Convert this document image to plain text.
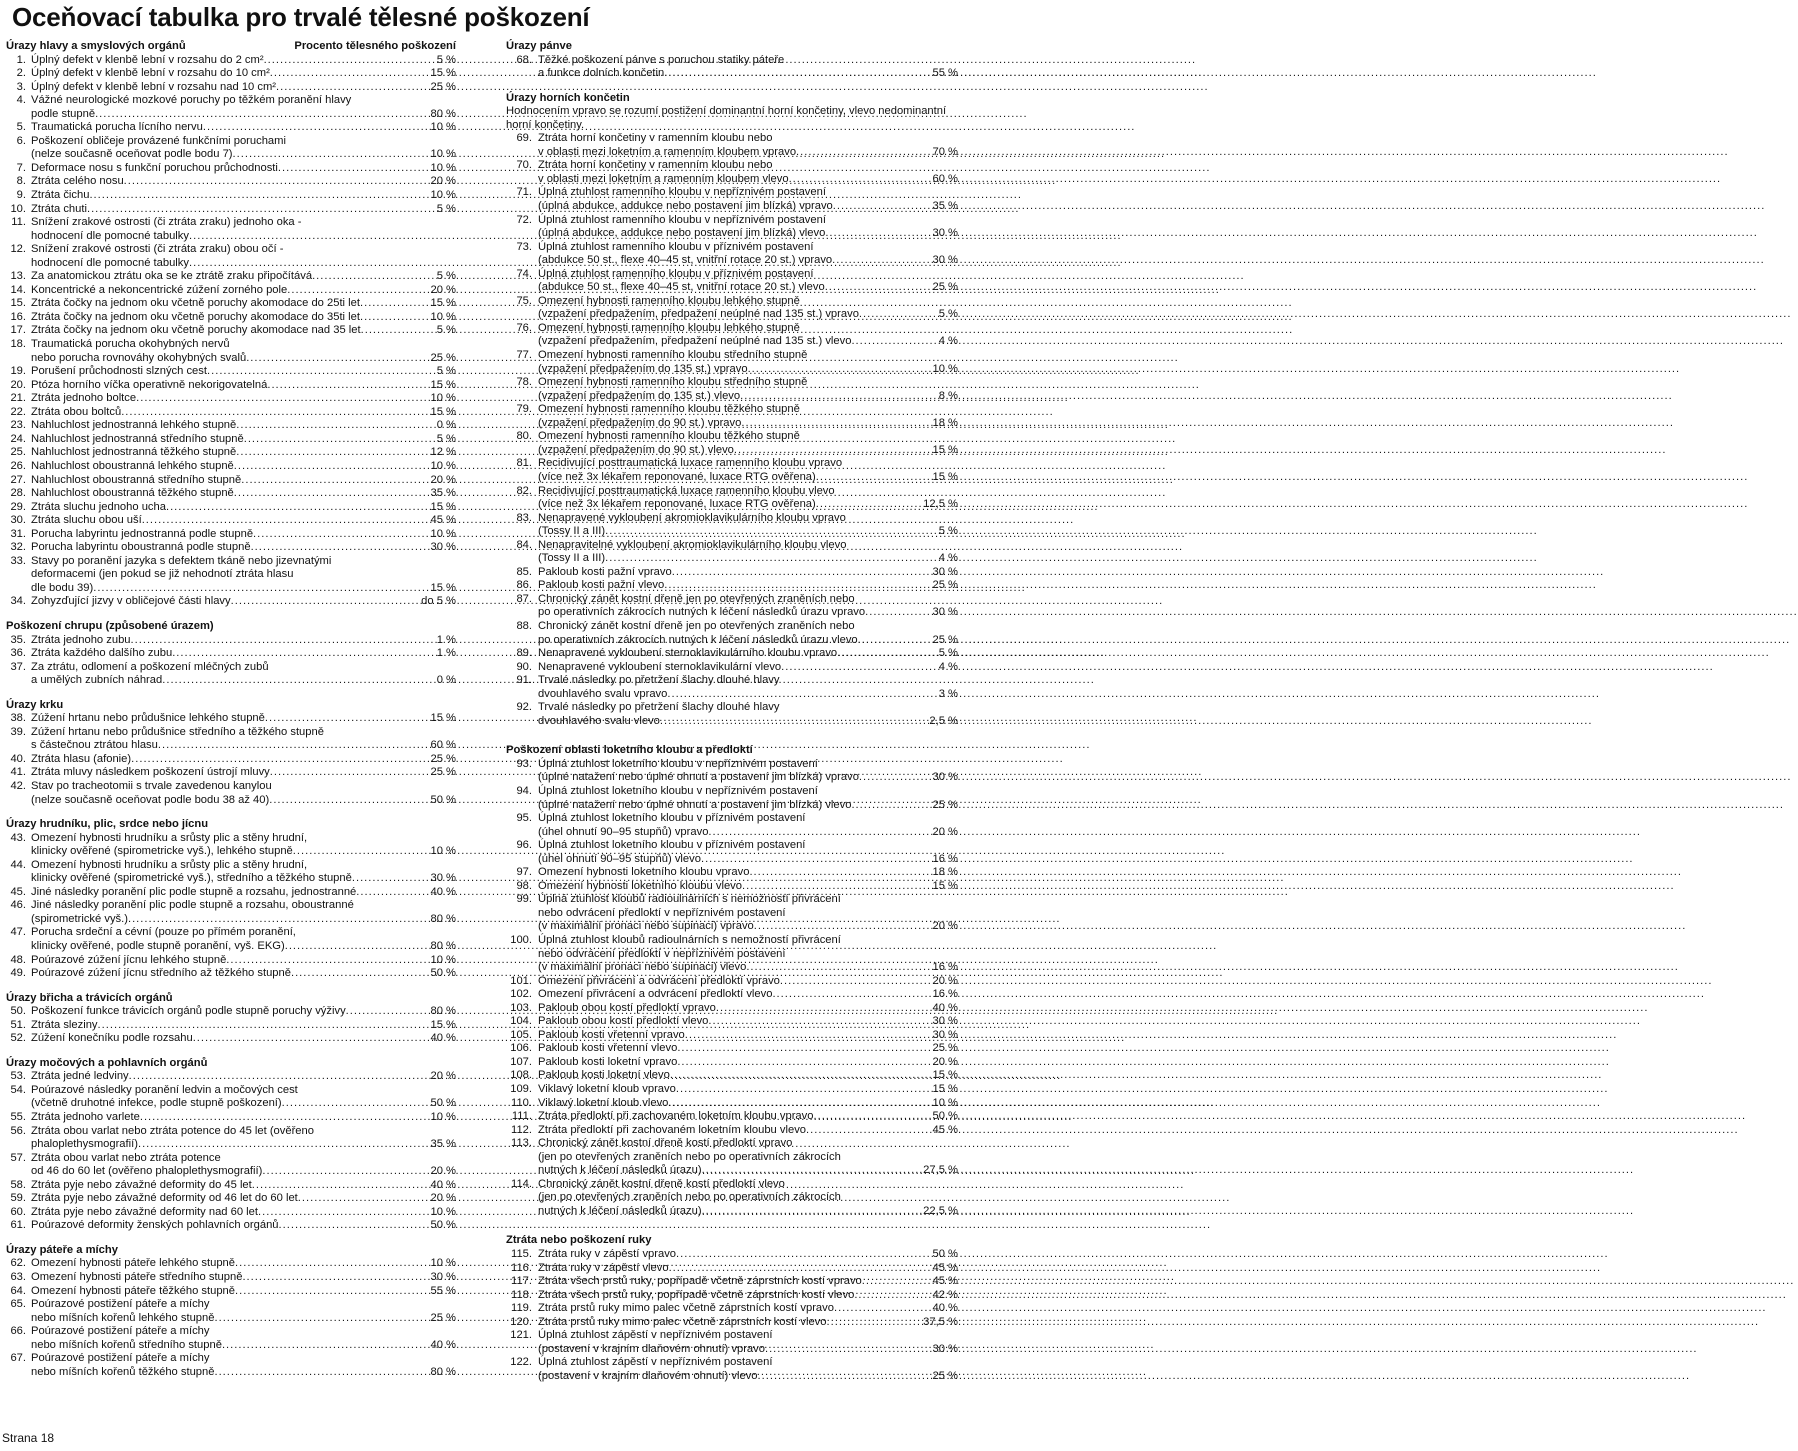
Oceňovací tabulka pro trvalé tělesné poškození
Úrazy hlavy a smyslových orgánů	Procento tělesného poškození
1. Úplný defekt v klenbě lební v rozsahu do 2 cm² .....	5 %
2. Úplný defekt v klenbě lební v rozsahu do 10 cm² .....	15 %
3. Úplný defekt v klenbě lební v rozsahu nad 10 cm² .....	25 %
4. Vážné neurologické mozkové poruchy po těžkém poranění hlavy
podle stupně .....	80 %
5. Traumatická porucha lícního nervu .....	10 %
6. Poškození obličeje provázené funkčními poruchami
(nelze současně oceňovat podle bodu 7) .....	10 %
7. Deformace nosu s funkční poruchou průchodnosti .....	10 %
8. Ztráta celého nosu .....	20 %
9. Ztráta čichu .....	10 %
10. Ztráta chuti .....	5 %
11. Snížení zrakové ostrosti (či ztráta zraku) jednoho oka -
hodnocení dle pomocné tabulky
.....
12. Snížení zrakové ostrosti (či ztráta zraku) obou očí -
hodnocení dle pomocné tabulky
.....
13. Za anatomickou ztrátu oka se ke ztrátě zraku připočítává .....	5 %
14. Koncentrické a nekoncentrické zúžení zorného pole .....	20 %
15. Ztráta čočky na jednom oku včetně poruchy akomodace do 25ti let .....	15 %
16. Ztráta čočky na jednom oku včetně poruchy akomodace do 35ti let .....	10 %
17. Ztráta čočky na jednom oku včetně poruchy akomodace nad 35 let .....	5 %
18. Traumatická porucha okohybných nervů
nebo porucha rovnováhy okohybných svalů .....	25 %
19. Porušení průchodnosti slzných cest .....	5 %
20. Ptóza horního víčka operativně nekorigovatelná .....	15 %
21. Ztráta jednoho boltce .....	10 %
22. Ztráta obou boltců .....	15 %
23. Nahluchlost jednostranná lehkého stupně .....	0 %
24. Nahluchlost jednostranná středního stupně .....	5 %
25. Nahluchlost jednostranná těžkého stupně .....	12 %
26. Nahluchlost oboustranná lehkého stupně .....	10 %
27. Nahluchlost oboustranná středního stupně .....	20 %
28. Nahluchlost oboustranná těžkého stupně .....	35 %
29. Ztráta sluchu jednoho ucha .....	15 %
30. Ztráta sluchu obou uší .....	45 %
31. Porucha labyrintu jednostranná podle stupně .....	10 %
32. Porucha labyrintu oboustranná podle stupně .....	30 %
33. Stavy po poranění jazyka s defektem tkáně nebo jizevnatými
deformacemi (jen pokud se již nehodnotí ztráta hlasu
dle bodu 39) .....	15 %
34. Zohyzďující jizvy v obličejové části hlavy .....	do 5 %
Poškození chrupu (způsobené úrazem)
35. Ztráta jednoho zubu .....	1 %
36. Ztráta každého dalšího zubu .....	1 %
37. Za ztrátu, odlomení a poškození mléčných zubů
a umělých zubních náhrad .....	0 %
Úrazy krku
38. Zúžení hrtanu nebo průdušnice lehkého stupně .....	15 %
39. Zúžení hrtanu nebo průdušnice středního a těžkého stupně
s částečnou ztrátou hlasu .....	60 %
40. Ztráta hlasu (afonie) .....	25 %
41. Ztráta mluvy následkem poškození ústrojí mluvy .....	25 %
42. Stav po tracheotomii s trvale zavedenou kanylou
(nelze současně oceňovat podle bodu 38 až 40) .....	50 %
Úrazy hrudníku, plic, srdce nebo jícnu
43. Omezení hybnosti hrudníku a srůsty plic a stěny hrudní,
klinicky ověřené (spirometricke vyš.), lehkého stupně .....	10 %
44. Omezení hybnosti hrudníku a srůsty plic a stěny hrudní,
klinicky ověřené (spirometrické vyš.), středního a těžkého stupně .....	30 %
45. Jiné následky poranění plic podle stupně a rozsahu, jednostranné .....	40 %
46. Jiné následky poranění plic podle stupně a rozsahu, oboustranné
(spirometrické vyš.) .....	80 %
47. Porucha srdeční a cévní (pouze po přímém poranění,
klinicky ověřené, podle stupně poranění, vyš. EKG) .....	80 %
48. Poúrazové zúžení jícnu lehkého stupně .....	10 %
49. Poúrazové zúžení jícnu středního až těžkého stupně .....	50 %
Úrazy břicha a trávicích orgánů
50. Poškození funkce trávicích orgánů podle stupně poruchy výživy .....	80 %
51. Ztráta sleziny .....	15 %
52. Zúžení konečníku podle rozsahu .....	40 %
Úrazy močových a pohlavních orgánů
53. Ztráta jedné ledviny .....	20 %
54. Poúrazové následky poranění ledvin a močových cest
(včetně druhotné infekce, podle stupně poškození) .....	50 %
55. Ztráta jednoho varlete .....	10 %
56. Ztráta obou varlat nebo ztráta potence do 45 let (ověřeno
phaloplethysmografií) .....	35 %
57. Ztráta obou varlat nebo ztráta potence
od 46 do 60 let (ověřeno phaloplethysmografií) .....	20 %
58. Ztráta pyje nebo závažné deformity do 45 let .....	40 %
59. Ztráta pyje nebo závažné deformity od 46 let do 60 let .....	20 %
60. Ztráta pyje nebo závažné deformity nad 60 let .....	10 %
61. Poúrazové deformity ženských pohlavních orgánů .....	50 %
Úrazy páteře a míchy
62. Omezení hybnosti páteře lehkého stupně .....	10 %
63. Omezení hybnosti páteře středního stupně .....	30 %
64. Omezení hybnosti páteře těžkého stupně .....	55 %
65. Poúrazové postižení páteře a míchy
nebo míšních kořenů lehkého stupně .....	25 %
66. Poúrazové postižení páteře a míchy
nebo míšních kořenů středního stupně .....	40 %
67. Poúrazové postižení páteře a míchy
nebo míšních kořenů těžkého stupně .....	80 %
Úrazy pánve
68. Těžké poškození pánve s poruchou statiky páteře
a funkce dolních končetin .....	55 %
Úrazy horních končetin
Hodnocením vpravo se rozumí postižení dominantní horní končetiny, vlevo nedominantní horní končetiny.
69. Ztráta horní končetiny v ramenním kloubu nebo
v oblasti mezi loketním a ramenním kloubem vpravo .....	70 %
70. Ztráta horní končetiny v ramenním kloubu nebo
v oblasti mezi loketním a ramenním kloubem vlevo .....	60 %
71. Úplná ztuhlost ramenního kloubu v nepříznivém postavení
(úplná abdukce, addukce nebo postavení jim blízká) vpravo .....	35 %
72. Úplná ztuhlost ramenního kloubu v nepříznivém postavení
(úplná abdukce, addukce nebo postavení jim blízká) vlevo .....	30 %
73. Úplná ztuhlost ramenního kloubu v příznivém postavení
(abdukce 50 st., flexe 40–45 st, vnitřní rotace 20 st.) vpravo .....	30 %
74. Úplná ztuhlost ramenního kloubu v příznivém postavení
(abdukce 50 st., flexe 40–45 st, vnitřní rotace 20 st.) vlevo .....	25 %
75. Omezení hybnosti ramenního kloubu lehkého stupně
(vzpažení předpažením, předpažení neúplné nad 135 st.) vpravo .....	5 %
76. Omezení hybnosti ramenního kloubu lehkého stupně
(vzpažení předpažením, předpažení neúplné nad 135 st.) vlevo .....	4 %
77. Omezení hybnosti ramenního kloubu středního stupně
(vzpažení předpažením do 135 st.) vpravo .....	10 %
78. Omezení hybnosti ramenního kloubu středního stupně
(vzpažení předpažením do 135 st.) vlevo .....	8 %
79. Omezení hybnosti ramenního kloubu těžkého stupně
(vzpažení předpažením do 90 st.) vpravo .....	18 %
80. Omezení hybnosti ramenního kloubu těžkého stupně
(vzpažení předpažením do 90 st.) vlevo .....	15 %
81. Recidivující posttraumatická luxace ramenního kloubu vpravo
(více než 3x lékařem reponované, luxace RTG ověřena) .....	15 %
82. Recidivující posttraumatická luxace ramenního kloubu vlevo
(více než 3x lékařem reponované, luxace RTG ověřena) .....	12,5 %
83. Nenapravené vykloubení akromioklavikulárního kloubu vpravo
(Tossy II a III) .....	5 %
84. Nenapravitelné vykloubení akromioklavikulárního kloubu vlevo
(Tossy II a III) .....	4 %
85. Pakloub kosti pažní vpravo .....	30 %
86. Pakloub kosti pažní vlevo .....	25 %
87. Chronický zánět kostní dřeně jen po otevřených zraněních nebo
po operativních zákrocích nutných k léčení následků úrazu vpravo .....	30 %
88. Chronický zánět kostní dřeně jen po otevřených zraněních nebo
po operativních zákrocích nutných k léčení následků úrazu vlevo .....	25 %
89. Nenapravené vykloubení sternoklavikulárního kloubu vpravo .....	5 %
90. Nenapravené vykloubení sternoklavikulární vlevo .....	4 %
91. Trvalé následky po přetržení šlachy dlouhé hlavy
dvouhlavého svalu vpravo .....	3 %
92. Trvalé následky po přetržení šlachy dlouhé hlavy
dvouhlavého svalu vlevo .....	2,5 %
Poškození oblasti loketního kloubu a předloktí
93. Úplná ztuhlost loketního kloubu v nepříznivém postavení
(úplné natažení nebo úplné ohnutí a postavení jim blízká) vpravo .....	30 %
94. Úplná ztuhlost loketního kloubu v nepříznivém postavení
(úplné natažení nebo úplné ohnutí a postavení jim blízká) vlevo .....	25 %
95. Úplná ztuhlost loketního kloubu v příznivém postavení
(úhel ohnutí 90–95 stupňů) vpravo .....	20 %
96. Úplná ztuhlost loketního kloubu v příznivém postavení
(úhel ohnutí 90–95 stupňů) vlevo .....	16 %
97. Omezení hybnosti loketního kloubu vpravo .....	18 %
98. Omezení hybnosti loketního kloubu vlevo .....	15 %
99. Úplná ztuhlost kloubů radioulnárních s nemožností přivrácení
nebo odvrácení předloktí v nepříznivém postavení
(v maximální pronaci nebo supinaci) vpravo .....	20 %
100. Úplná ztuhlost kloubů radioulnárních s nemožností přivrácení
nebo odvrácení předloktí v nepříznivém postavení
(v maximální pronaci nebo supinaci) vlevo .....	16 %
101. Omezení přivrácení a odvrácení předloktí vpravo .....	20 %
102. Omezení přivrácení a odvrácení předloktí vlevo .....	16 %
103. Pakloub obou kostí předloktí vpravo .....	40 %
104. Pakloub obou kostí předloktí vlevo .....	30 %
105. Pakloub kosti vřetenní vpravo .....	30 %
106. Pakloub kosti vřetenní vlevo .....	25 %
107. Pakloub kosti loketní vpravo .....	20 %
108. Pakloub kosti loketní vlevo .....	15 %
109. Viklavý loketní kloub vpravo .....	15 %
110. Viklavý loketní kloub vlevo .....	10 %
111. Ztráta předloktí při zachovaném loketním kloubu vpravo .....	50 %
112. Ztráta předloktí při zachovaném loketním kloubu vlevo .....	45 %
113. Chronický zánět kostní dřeně kostí předloktí vpravo
(jen po otevřených zraněních nebo po operativních zákrocích
nutných k léčení následků úrazu) .....	27,5 %
114. Chronický zánět kostní dřeně kostí předloktí vlevo
(jen po otevřených zraněních nebo po operativních zákrocích
nutných k léčení následků úrazu) .....	22,5 %
Ztráta nebo poškození ruky
115. Ztráta ruky v zápěstí vpravo .....	50 %
116. Ztráta ruky v zápěstí vlevo .....	45 %
117. Ztráta všech prstů ruky, popřípadě včetně záprstních kostí vpravo .....	45 %
118. Ztráta všech prstů ruky, popřípadě včetně záprstních kostí vlevo .....	42 %
119. Ztráta prstů ruky mimo palec včetně záprstních kostí vpravo .....	40 %
120. Ztráta prstů ruky mimo palec včetně záprstních kostí vlevo .....	37,5 %
121. Úplná ztuhlost zápěstí v nepříznivém postavení
(postavení v krajním dlaňovém ohnutí) vpravo .....	30 %
122. Úplná ztuhlost zápěstí v nepříznivém postavení
(postavení v krajním dlaňovém ohnutí) vlevo .....	25 %
Strana 18
